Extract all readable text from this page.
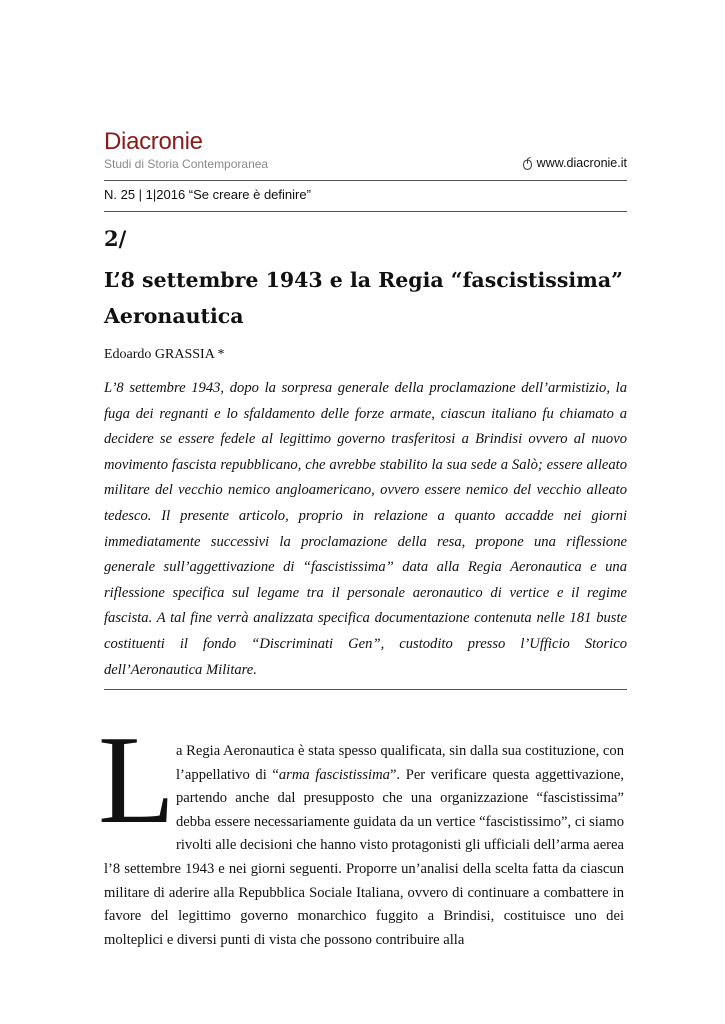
Diacronie
Studi di Storia Contemporanea	www.diacronie.it
N. 25 | 1|2016 “Se creare è definire”
2/
L’8 settembre 1943 e la Regia “fascistissima” Aeronautica
Edoardo GRASSIA *

L’8 settembre 1943, dopo la sorpresa generale della proclamazione dell’armistizio, la fuga dei regnanti e lo sfaldamento delle forze armate, ciascun italiano fu chiamato a decidere se essere fedele al legittimo governo trasferitosi a Brindisi ovvero al nuovo movimento fascista repubblicano, che avrebbe stabilito la sua sede a Salò; essere alleato militare del vecchio nemico angloamericano, ovvero essere nemico del vecchio alleato tedesco. Il presente articolo, proprio in relazione a quanto accadde nei giorni immediatamente successivi la proclamazione della resa, propone una riflessione generale sull’aggettivazione di “fascistissima” data alla Regia Aeronautica e una riflessione specifica sul legame tra il personale aeronautico di vertice e il regime fascista. A tal fine verrà analizzata specifica documentazione contenuta nelle 181 buste costituenti il fondo “Discriminati Gen”, custodito presso l’Ufficio Storico dell’Aeronautica Militare.

L a Regia Aeronautica è stata spesso qualificata, sin dalla sua costituzione, con l’appellativo di “arma fascistissima”. Per verificare questa aggettivazione, partendo anche dal presupposto che una organizzazione “fascistissima” debba essere necessariamente guidata da un vertice “fascistissimo”, ci siamo rivolti alle decisioni che hanno visto protagonisti gli ufficiali dell’arma aerea l’8 settembre 1943 e nei giorni seguenti. Proporre un’analisi della scelta fatta da ciascun militare di aderire alla Repubblica Sociale Italiana, ovvero di continuare a combattere in favore del legittimo governo monarchico fuggito a Brindisi, costituisce uno dei molteplici e diversi punti di vista che possono contribuire alla
